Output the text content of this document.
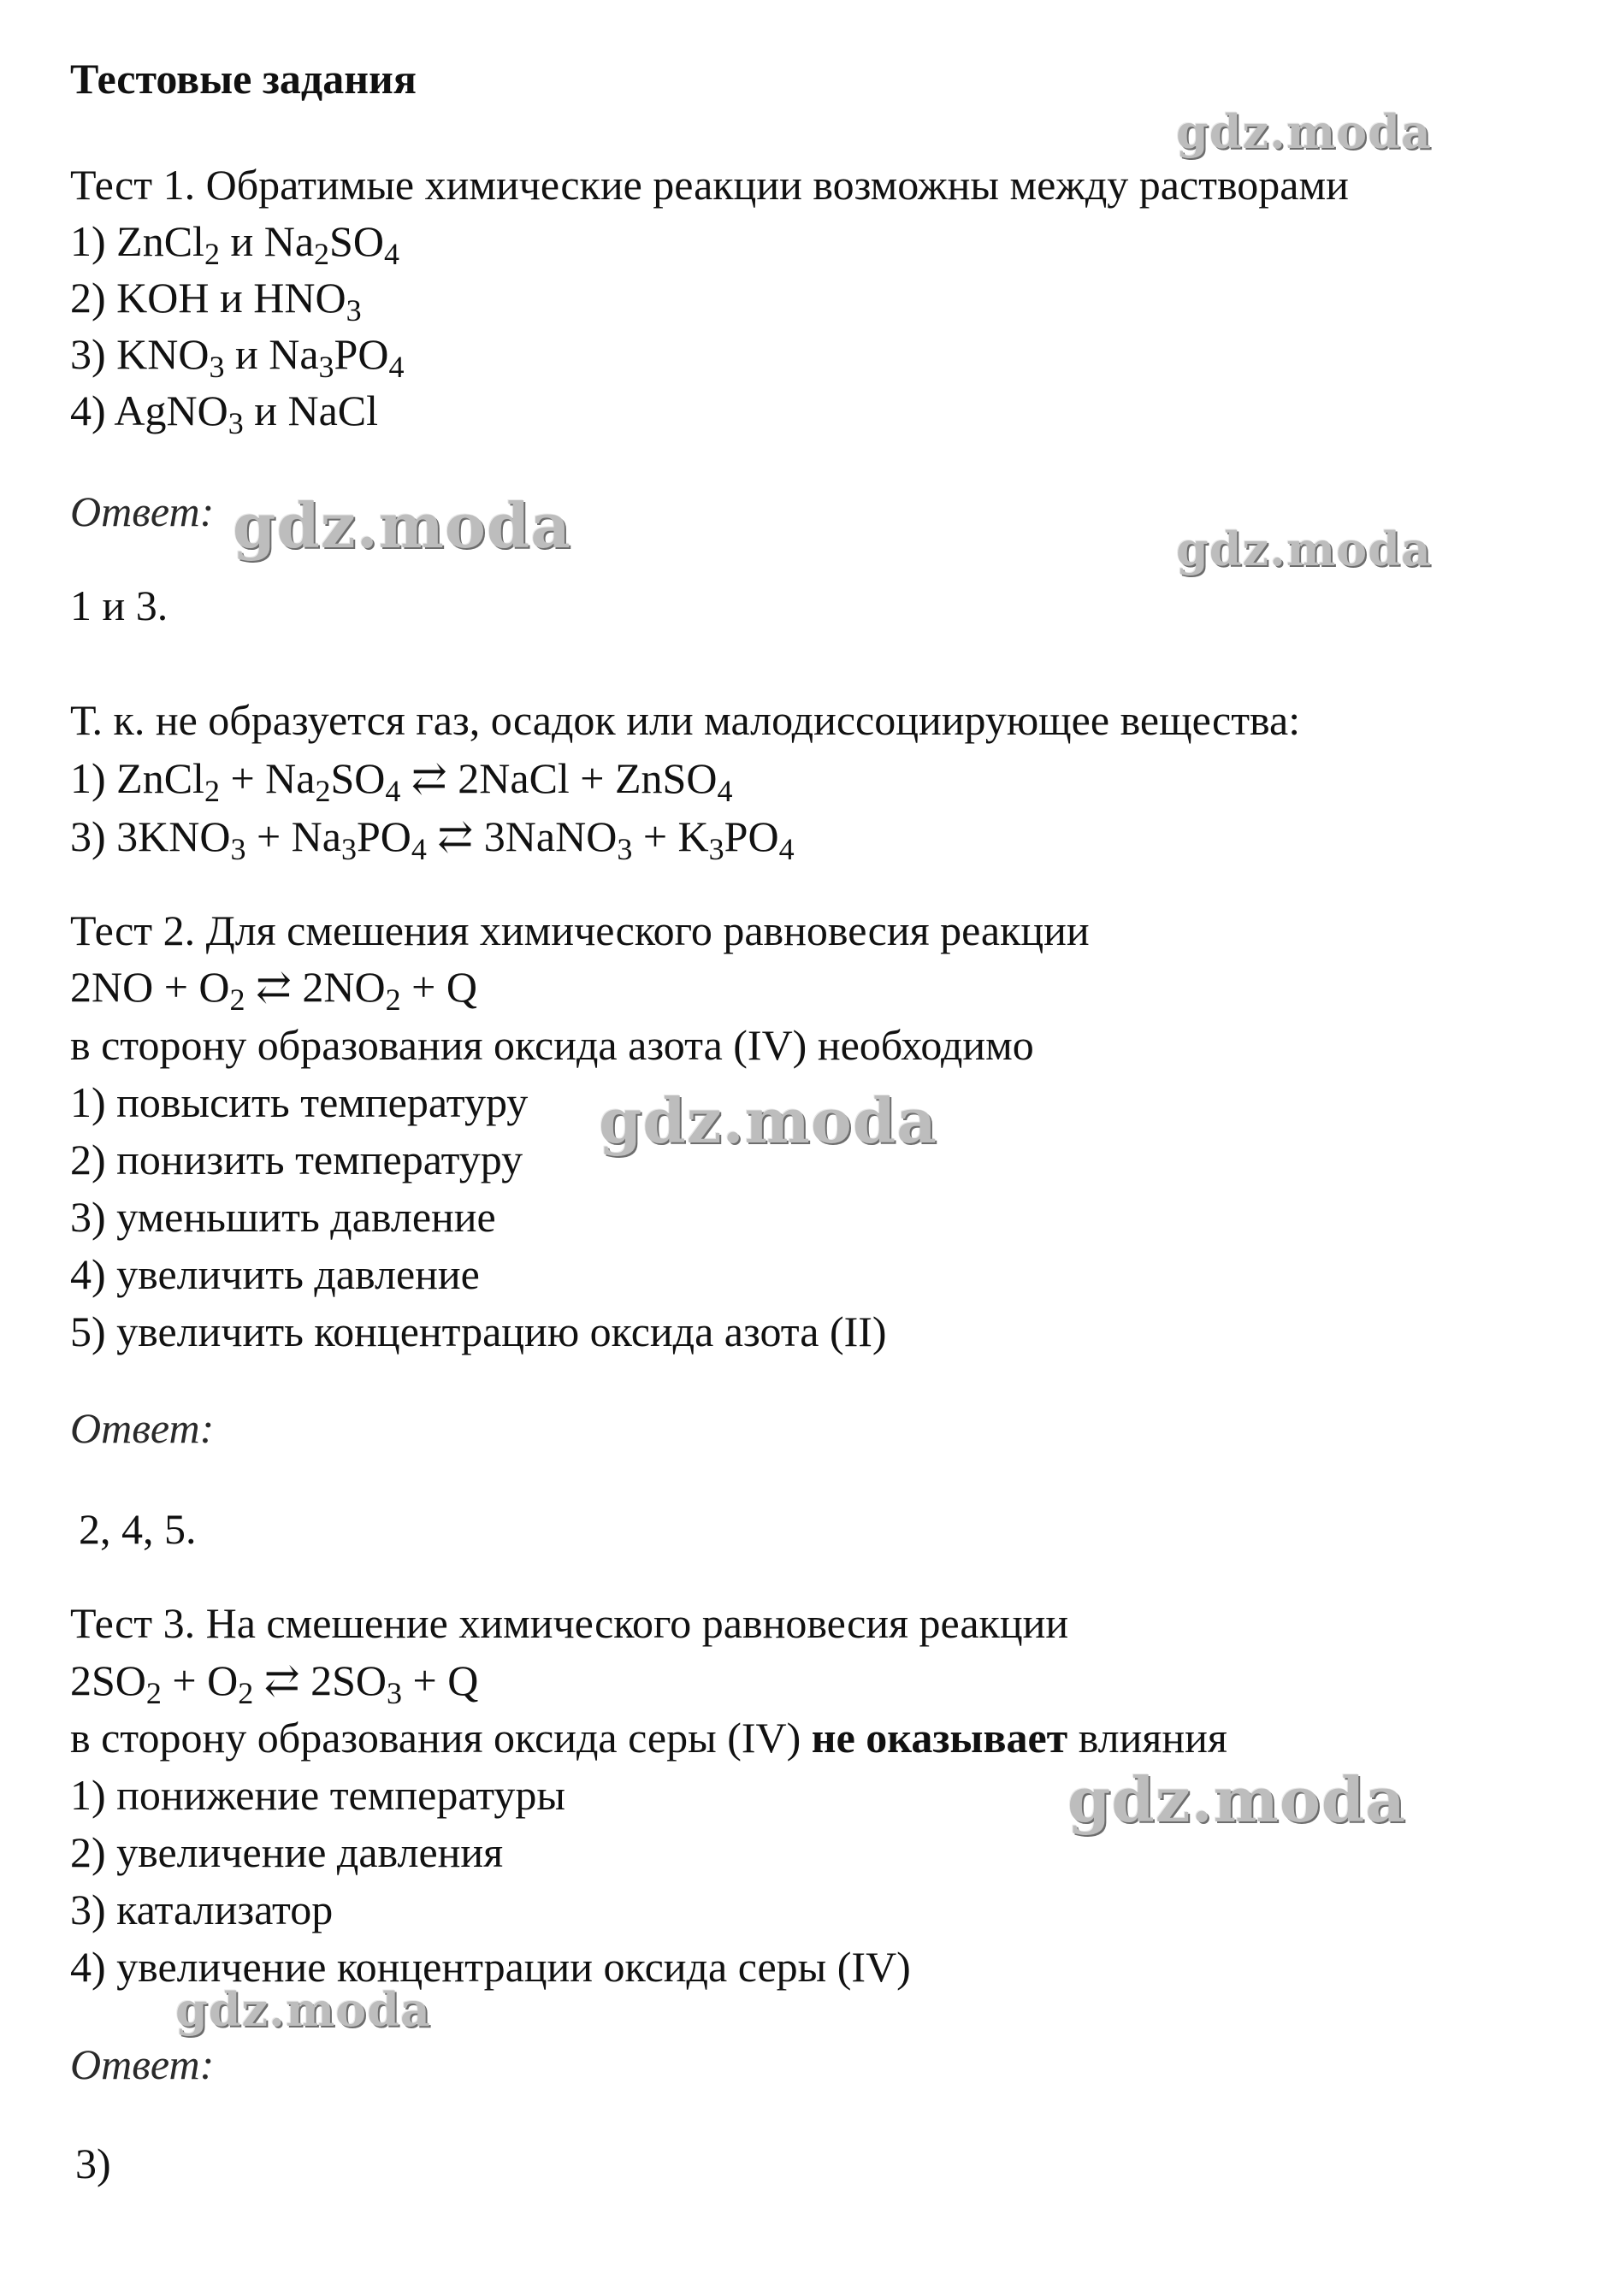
Тестовые задания
Тест 1. Обратимые химические реакции возможны между растворами
1) ZnCl$_2$ и $Na_2SO_4$
2) KOH и $HNO_3$
3) $KNO_3$ и $Na_3PO_4$
4) AgNO$_3$ и NaCl
Ответ:
1 и 3.
Т. к. не образуется газ, осадок или малодиссоциирующее вещества:
1) ZnCl$_2$ + $Na_2SO_4$ ⇄ 2NaCl + ZnSO$_4$
3) $3KNO_3 + Na_3PO_4$ ⇄ 3NaNO$_3$ + $K_3PO_4$
Тест 2. Для смешения химического равновесия реакции
$2NO + O_2$ ⇄ $2NO_2 + Q$
в сторону образования оксида азота (IV) необходимо
1) повысить температуру
2) понизить температуру
3) уменьшить давление
4) увеличить давление
5) увеличить концентрацию оксида азота (II)
Ответ:
2, 4, 5.
Тест 3. На смешение химического равновесия реакции
$2SO_2 + O_2$ ⇄ $2SO_3 + Q$
в сторону образования оксида серы (IV) не оказывает влияния
1) понижение температуры
2) увеличение давления
3) катализатор
4) увеличение концентрации оксида серы (IV)
Ответ:
3)
gdz.moda
gdz.moda	gdz.moda
gdz.moda
gdz.moda
gdz.moda
